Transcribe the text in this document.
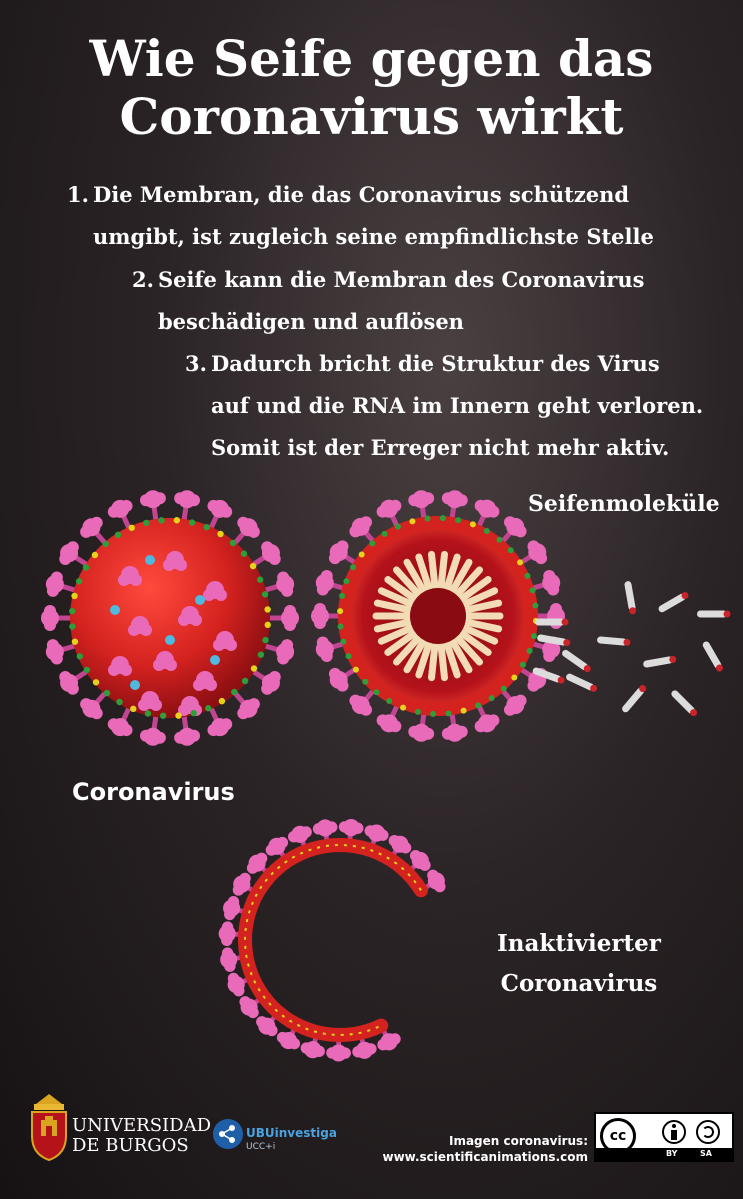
Wie Seife gegen das
Coronavirus wirkt
1. Die Membran, die das Coronavirus schützend
umgibt, ist zugleich seine empfindlichste Stelle
2. Seife kann die Membran des Coronavirus
beschädigen und auflösen
3. Dadurch bricht die Struktur des Virus
auf und die RNA im Innern geht verloren.
Somit ist der Erreger nicht mehr aktiv.
Seifenmoleküle
Coronavirus
Inaktivierter
Coronavirus
UNIVERSIDAD
DE BURGOS
UBUinvestiga
UCC+i	Imagen coronavirus:
www.scientificanimations.com
cc
BY	SA
